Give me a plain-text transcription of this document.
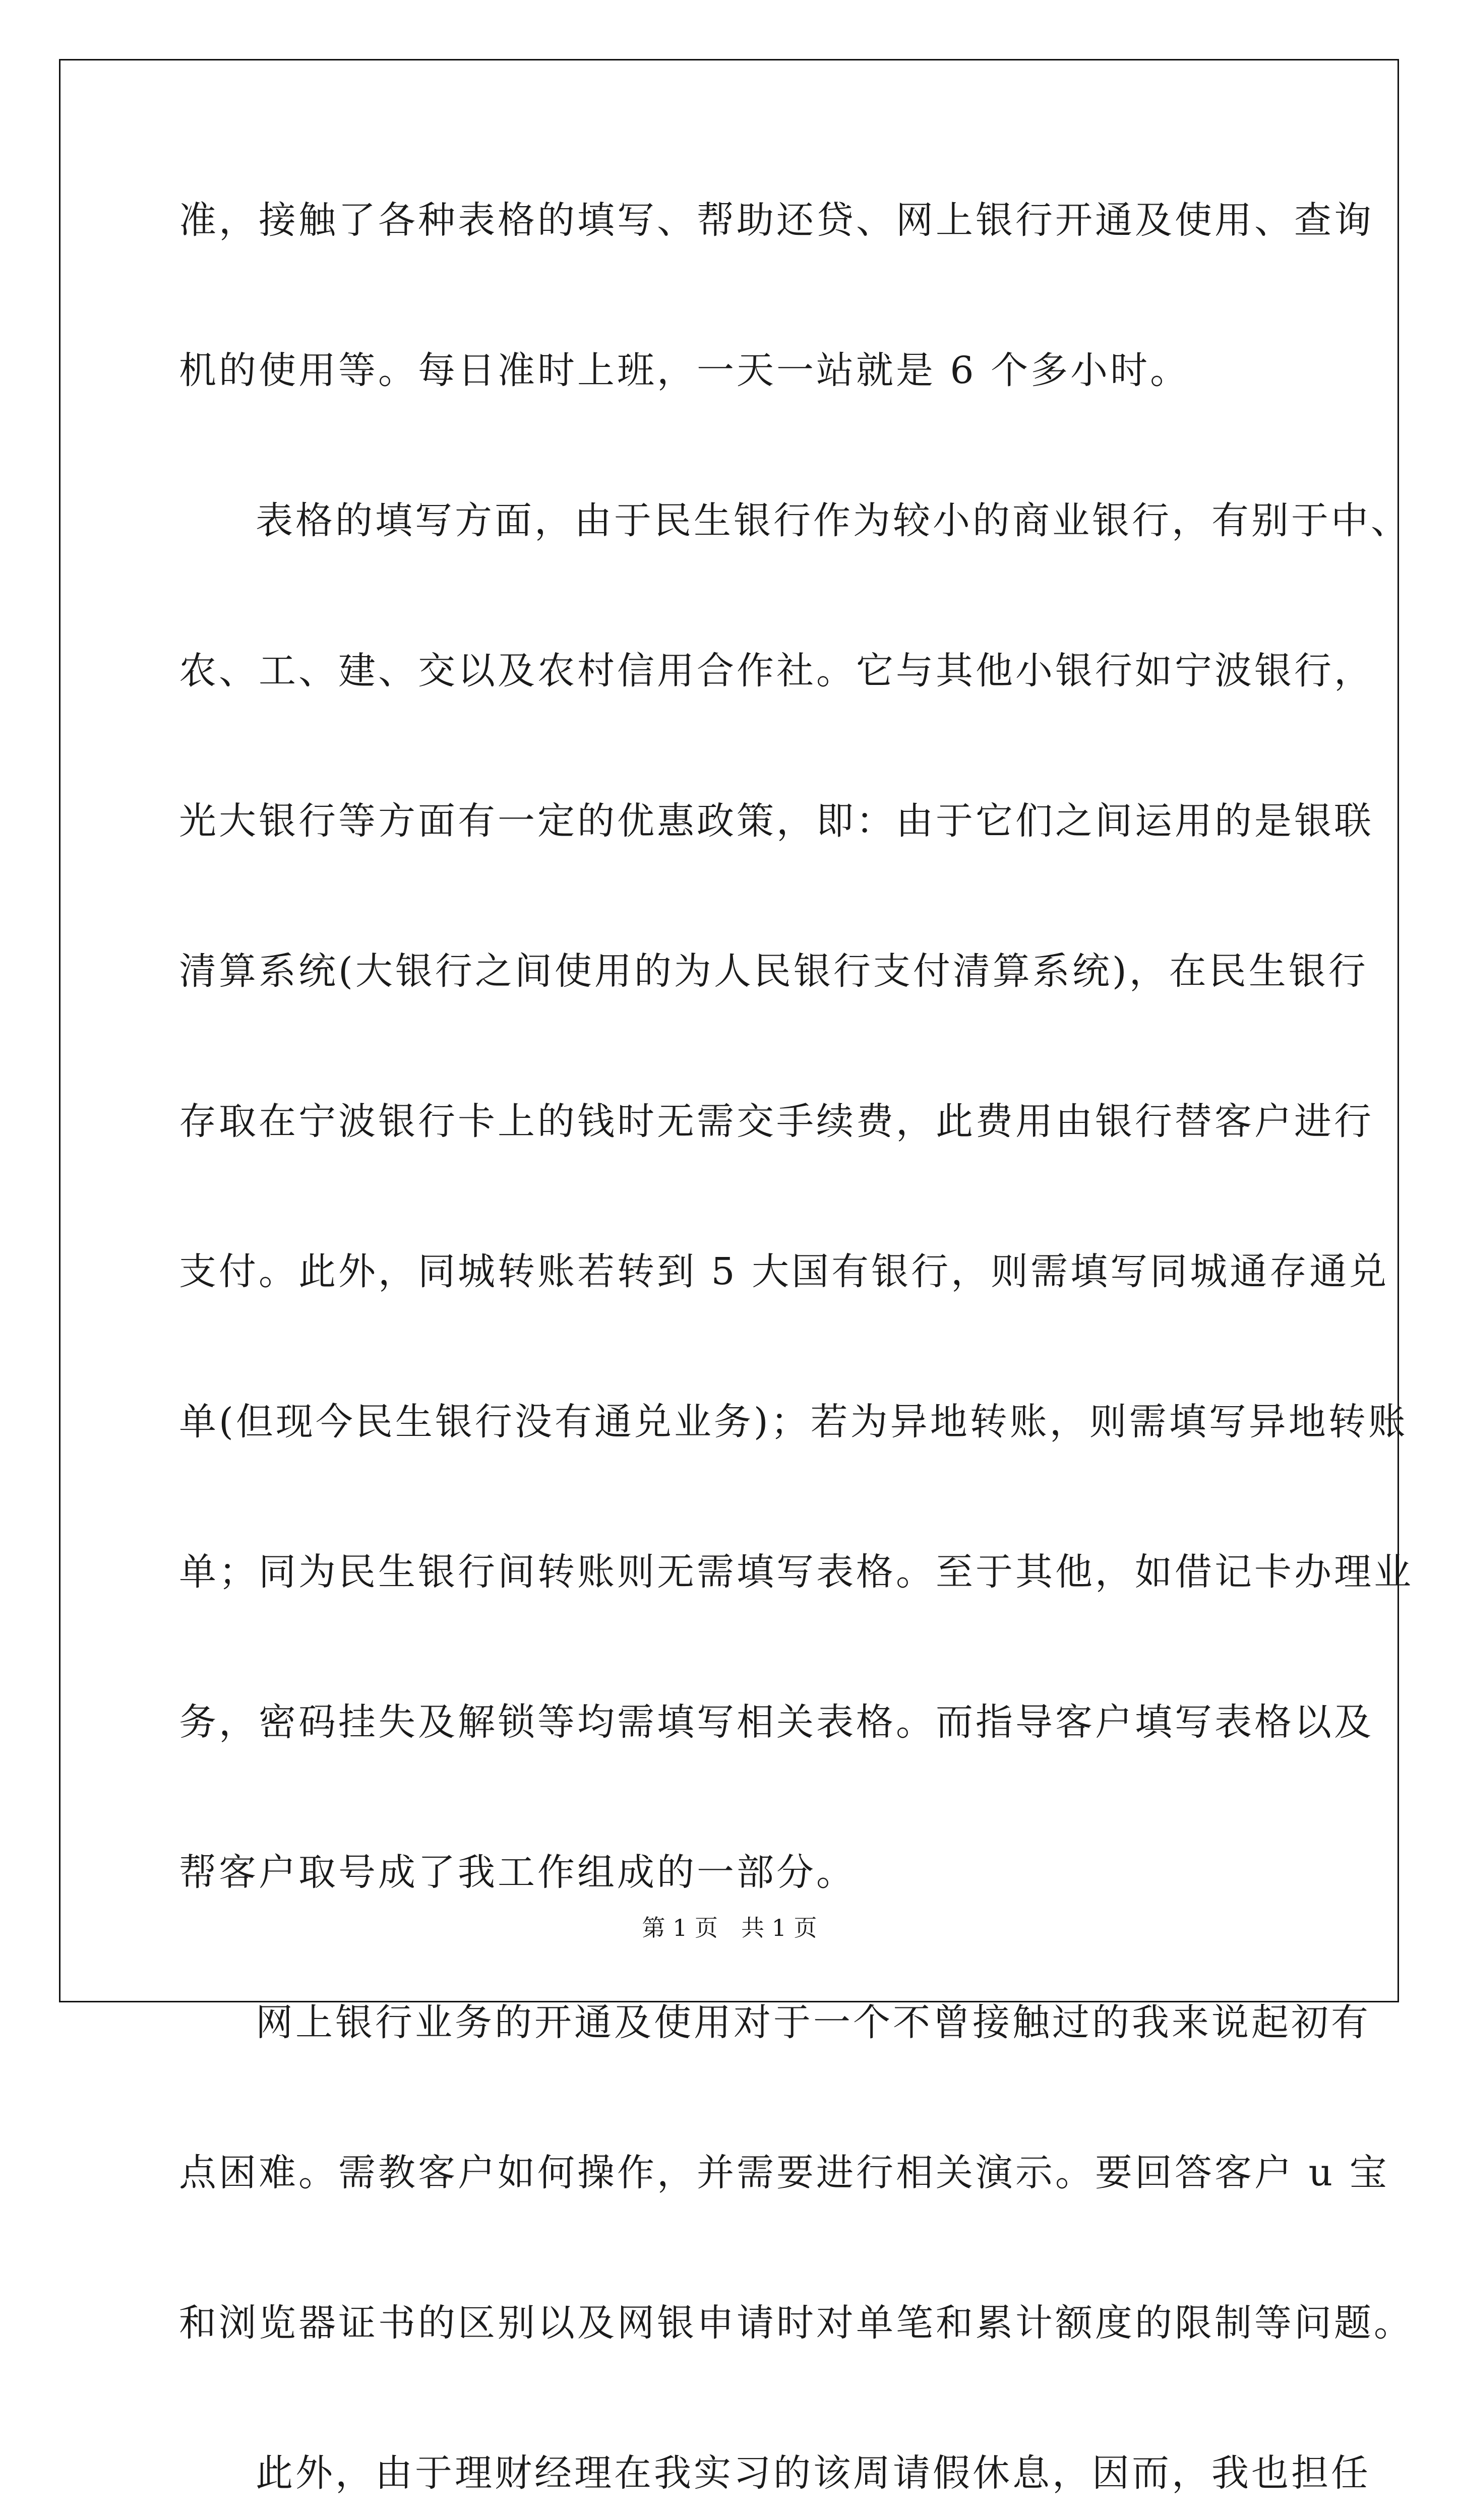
准，接触了各种表格的填写、帮助还贷、网上银行开通及使用、查询
机的使用等。每日准时上班，一天一站就是 6 个多小时。
表格的填写方面，由于民生银行作为较小的商业银行，有别于中、
农、工、建、交以及农村信用合作社。它与其他小银行如宁波银行，
光大银行等方面有一定的优惠政策，即：由于它们之间运用的是银联
清算系统(大银行之间使用的为人民银行支付清算系统)，在民生银行
存取在宁波银行卡上的钱时无需交手续费，此费用由银行替客户进行
支付。此外，同城转账若转到 5 大国有银行，则需填写同城通存通兑
单(但现今民生银行没有通兑业务)；若为异地转账，则需填写异地转账
单；同为民生银行间转账则无需填写表格。至于其他，如借记卡办理业
务，密码挂失及解锁等均需填写相关表格。而指导客户填写表格以及
帮客户取号成了我工作组成的一部分。
网上银行业务的开通及使用对于一个不曾接触过的我来说起初有
点困难。需教客户如何操作，并需要进行相关演示。要回答客户 u 宝
和浏览器证书的区别以及网银申请时对单笔和累计额度的限制等问题。
此外，由于理财经理在我实习的该周请假休息，因而，我也担任
第 1 页　共 1 页
